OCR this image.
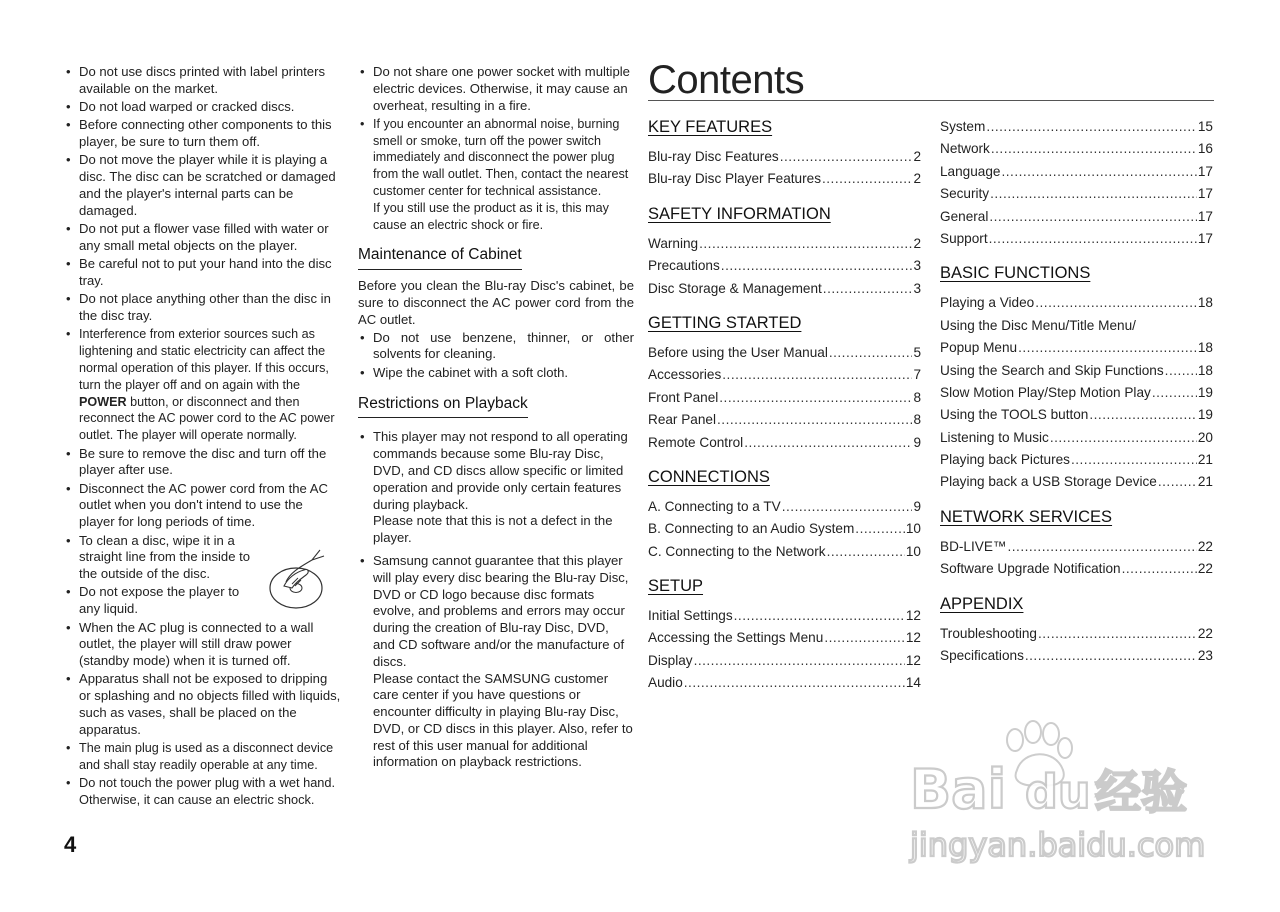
• Do not use discs printed with label printers available on the market.
• Do not load warped or cracked discs.
• Before connecting other components to this player, be sure to turn them off.
• Do not move the player while it is playing a disc. The disc can be scratched or damaged and the player's internal parts can be damaged.
• Do not put a flower vase filled with water or any small metal objects on the player.
• Be careful not to put your hand into the disc tray.
• Do not place anything other than the disc in the disc tray.
• Interference from exterior sources such as lightening and static electricity can affect the normal operation of this player. If this occurs, turn the player off and on again with the POWER button, or disconnect and then reconnect the AC power cord to the AC power outlet. The player will operate normally.
• Be sure to remove the disc and turn off the player after use.
• Disconnect the AC power cord from the AC outlet when you don't intend to use the player for long periods of time.
• To clean a disc, wipe it in a straight line from the inside to the outside of the disc.
• Do not expose the player to any liquid.
• When the AC plug is connected to a wall outlet, the player will still draw power (standby mode) when it is turned off.
• Apparatus shall not be exposed to dripping or splashing and no objects filled with liquids, such as vases, shall be placed on the apparatus.
• The main plug is used as a disconnect device and shall stay readily operable at any time.
• Do not touch the power plug with a wet hand. Otherwise, it can cause an electric shock.
4
• Do not share one power socket with multiple electric devices. Otherwise, it may cause an overheat, resulting in a fire.
• If you encounter an abnormal noise, burning smell or smoke, turn off the power switch immediately and disconnect the power plug from the wall outlet. Then, contact the nearest customer center for technical assistance.
If you still use the product as it is, this may cause an electric shock or fire.
Maintenance of Cabinet

Before you clean the Blu-ray Disc's cabinet, be sure to disconnect the AC power cord from the AC outlet.

• Do not use benzene, thinner, or other solvents for cleaning.
• Wipe the cabinet with a soft cloth.
Restrictions on Playback
• This player may not respond to all operating commands because some Blu-ray Disc, DVD, and CD discs allow specific or limited operation and provide only certain features during playback.
Please note that this is not a defect in the player.
• Samsung cannot guarantee that this player will play every disc bearing the Blu-ray Disc, DVD or CD logo because disc formats evolve, and problems and errors may occur during the creation of Blu-ray Disc, DVD, and CD software and/or the manufacture of discs.
Please contact the SAMSUNG customer care center if you have questions or encounter difficulty in playing Blu-ray Disc, DVD, or CD discs in this player. Also, refer to rest of this user manual for additional information on playback restrictions.
Contents
KEY FEATURES
Blu-ray Disc Features .....	2
Blu-ray Disc Player Features .....	2
SAFETY INFORMATION
Warning .....	2
Precautions .....	3
Disc Storage & Management .....	3
GETTING STARTED
Before using the User Manual .....	5
Accessories .....	7
Front Panel .....	8
Rear Panel .....	8
Remote Control .....	9
CONNECTIONS
A. Connecting to a TV .....	9
B. Connecting to an Audio System .....	10
C. Connecting to the Network .....	10
SETUP
Initial Settings .....	12
Accessing the Settings Menu .....	12
Display .....	12
Audio .....	14
System .....	15
Network .....	16
Language .....	17
Security .....	17
General .....	17
Support .....	17
BASIC FUNCTIONS
Playing a Video .....	18
Using the Disc Menu/Title Menu/
Popup Menu .....	18
Using the Search and Skip Functions .....	18
Slow Motion Play/Step Motion Play .....	19
Using the TOOLS button .....	19
Listening to Music .....	20
Playing back Pictures .....	21
Playing back a USB Storage Device .....	21
NETWORK SERVICES
BD-LIVE™ .....	22
Software Upgrade Notification .....	22
APPENDIX
Troubleshooting .....	22
Specifications .....	23
Bai du 经验
jingyan.baidu.com
